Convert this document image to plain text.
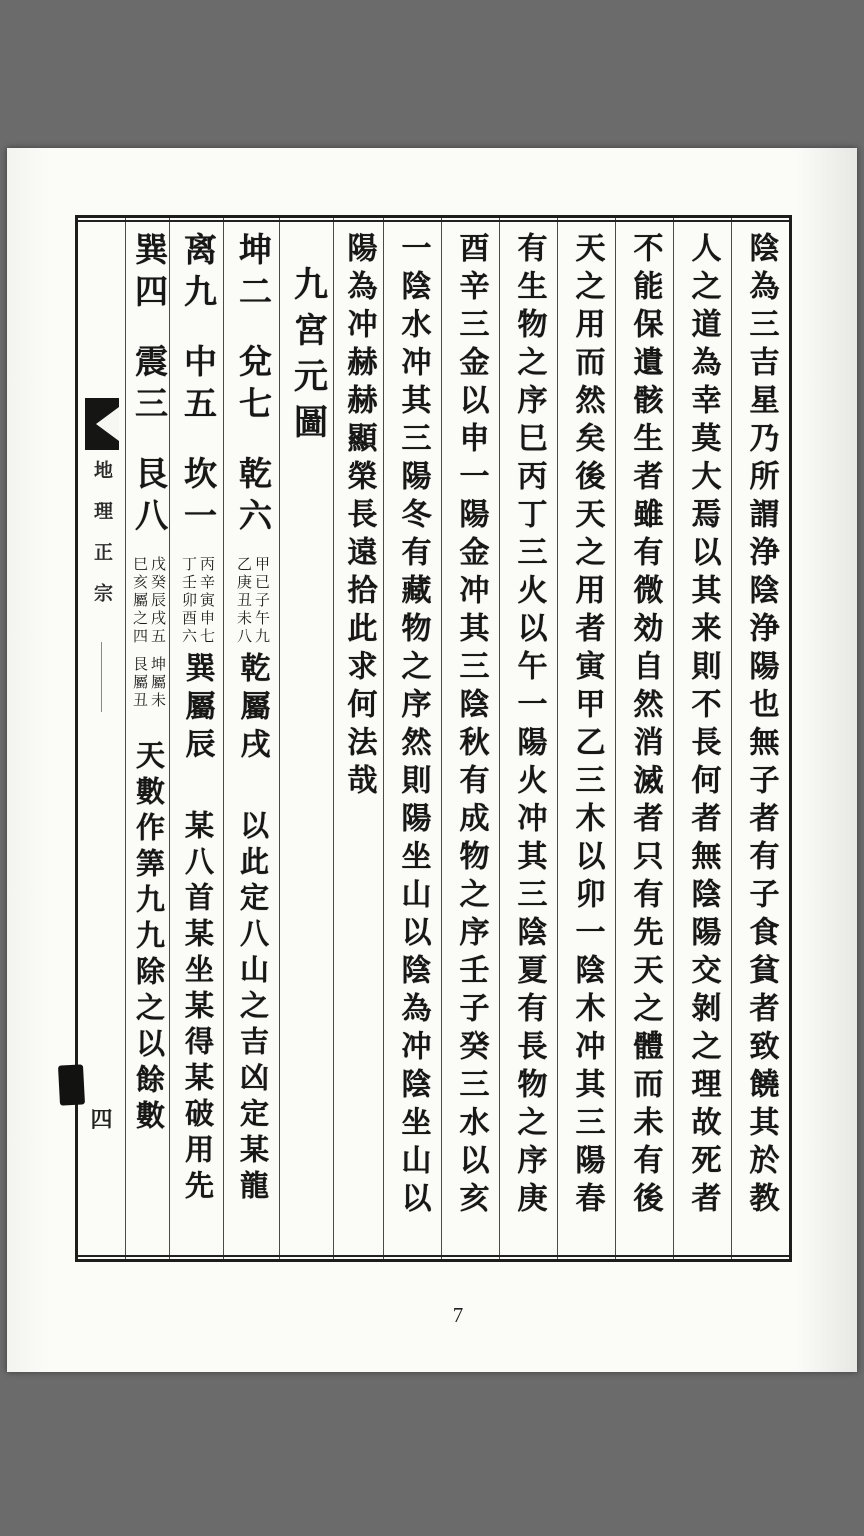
陰為三吉星乃所謂浄陰浄陽也無子者有子食貧者致饒其於教
人之道為幸莫大焉以其来則不長何者無陰陽交剝之理故死者
不能保遺骸生者雖有微効自然消滅者只有先天之體而未有後
天之用而然矣後天之用者寅甲乙三木以卯一陰木冲其三陽春
有生物之序巳丙丁三火以午一陽火冲其三陰夏有長物之序庚
酉辛三金以申一陽金冲其三陰秋有成物之序壬子癸三水以亥
一陰水冲其三陽冬有藏物之序然則陽坐山以陰為冲陰坐山以
陽為冲赫赫顯榮長遠拾此求何法哉
九宮元圖
坤二
兌七
乾六
甲已子午九
乙庚丑未八
乾屬戌
以此定八山之吉凶定某龍
离九
中五
坎一
丙辛寅申七
丁壬卯酉六
巽屬辰
某八首某坐某得某破用先
巽四
震三
艮八
戊癸辰戌五
巳亥屬之四
坤屬未
艮屬丑
天數作筭九九除之以餘數
地理正宗
四
7
